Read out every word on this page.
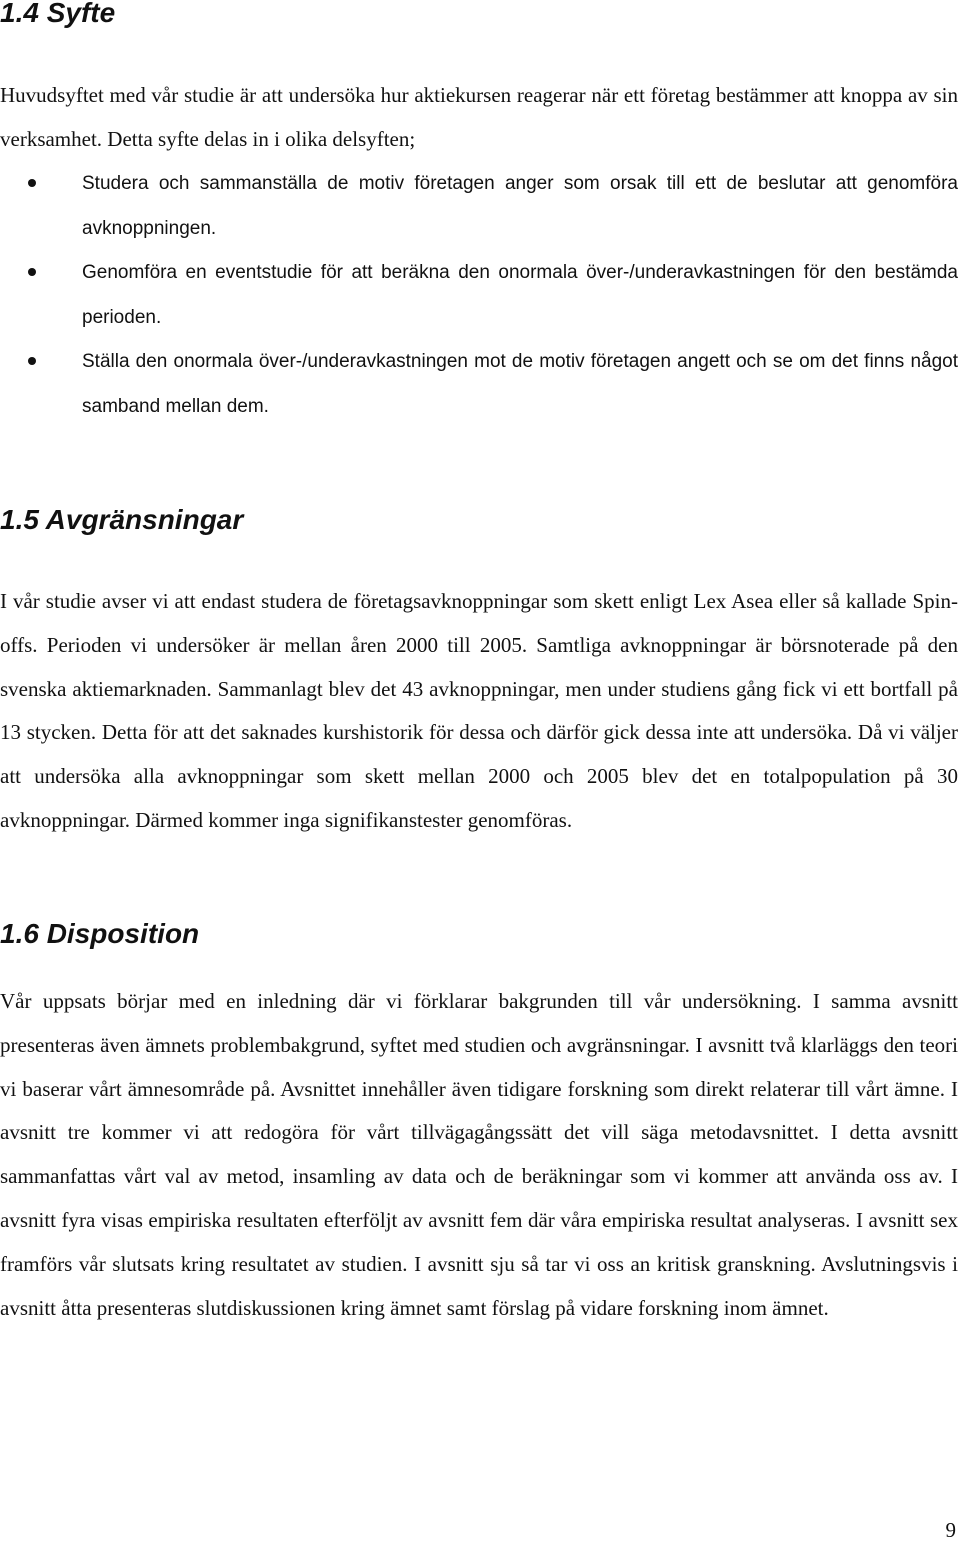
1.4 Syfte

Huvudsyftet med vår studie är att undersöka hur aktiekursen reagerar när ett företag bestämmer att knoppa av sin verksamhet. Detta syfte delas in i olika delsyften;

Studera och sammanställa de motiv företagen anger som orsak till ett de beslutar att genomföra avknoppningen.
Genomföra en eventstudie för att beräkna den onormala över-/underavkastningen för den bestämda perioden.
Ställa den onormala över-/underavkastningen mot de motiv företagen angett och se om det finns något samband mellan dem.
1.5 Avgränsningar

I vår studie avser vi att endast studera de företagsavknoppningar som skett enligt Lex Asea eller så kallade Spin-offs. Perioden vi undersöker är mellan åren 2000 till 2005. Samtliga avknoppningar är börsnoterade på den svenska aktiemarknaden. Sammanlagt blev det 43 avknoppningar, men under studiens gång fick vi ett bortfall på 13 stycken. Detta för att det saknades kurshistorik för dessa och därför gick dessa inte att undersöka. Då vi väljer att undersöka alla avknoppningar som skett mellan 2000 och 2005 blev det en totalpopulation på 30 avknoppningar. Därmed kommer inga signifikanstester genomföras.

1.6 Disposition

Vår uppsats börjar med en inledning där vi förklarar bakgrunden till vår undersökning. I samma avsnitt presenteras även ämnets problembakgrund, syftet med studien och avgränsningar. I avsnitt två klarläggs den teori vi baserar vårt ämnesområde på. Avsnittet innehåller även tidigare forskning som direkt relaterar till vårt ämne. I avsnitt tre kommer vi att redogöra för vårt tillvägagångssätt det vill säga metodavsnittet. I detta avsnitt sammanfattas vårt val av metod, insamling av data och de beräkningar som vi kommer att använda oss av. I avsnitt fyra visas empiriska resultaten efterföljt av avsnitt fem där våra empiriska resultat analyseras. I avsnitt sex framförs vår slutsats kring resultatet av studien. I avsnitt sju så tar vi oss an kritisk granskning. Avslutningsvis i avsnitt åtta presenteras slutdiskussionen kring ämnet samt förslag på vidare forskning inom ämnet.

9
